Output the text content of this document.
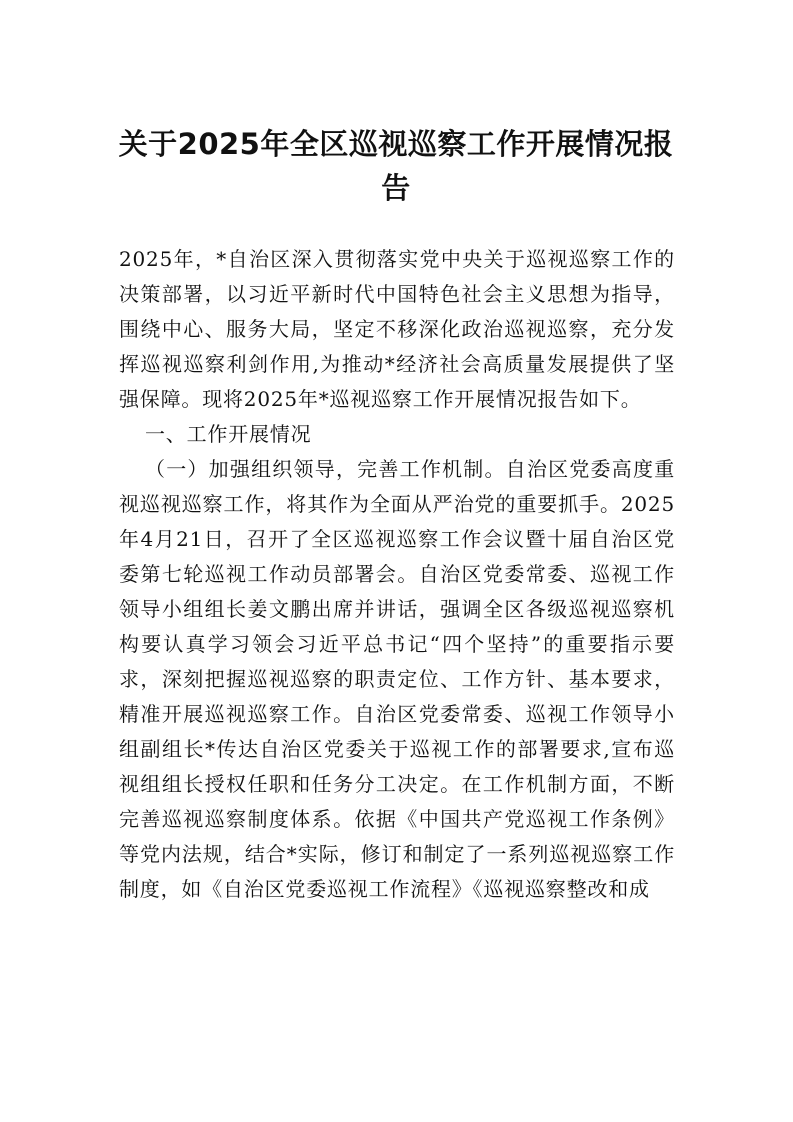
关于2025年全区巡视巡察工作开展情况报告

2025年，*自治区深入贯彻落实党中央关于巡视巡察工作的决策部署，以习近平新时代中国特色社会主义思想为指导，围绕中心、服务大局，坚定不移深化政治巡视巡察，充分发挥巡视巡察利剑作用,为推动*经济社会高质量发展提供了坚强保障。现将2025年*巡视巡察工作开展情况报告如下。

一、工作开展情况

（一）加强组织领导，完善工作机制。自治区党委高度重视巡视巡察工作，将其作为全面从严治党的重要抓手。2025年4月21日，召开了全区巡视巡察工作会议暨十届自治区党委第七轮巡视工作动员部署会。自治区党委常委、巡视工作领导小组组长姜文鹏出席并讲话，强调全区各级巡视巡察机构要认真学习领会习近平总书记“四个坚持”的重要指示要求，深刻把握巡视巡察的职责定位、工作方针、基本要求，精准开展巡视巡察工作。自治区党委常委、巡视工作领导小组副组长*传达自治区党委关于巡视工作的部署要求,宣布巡视组组长授权任职和任务分工决定。在工作机制方面，不断完善巡视巡察制度体系。依据《中国共产党巡视工作条例》等党内法规，结合*实际，修订和制定了一系列巡视巡察工作制度，如《自治区党委巡视工作流程》《巡视巡察整改和成
